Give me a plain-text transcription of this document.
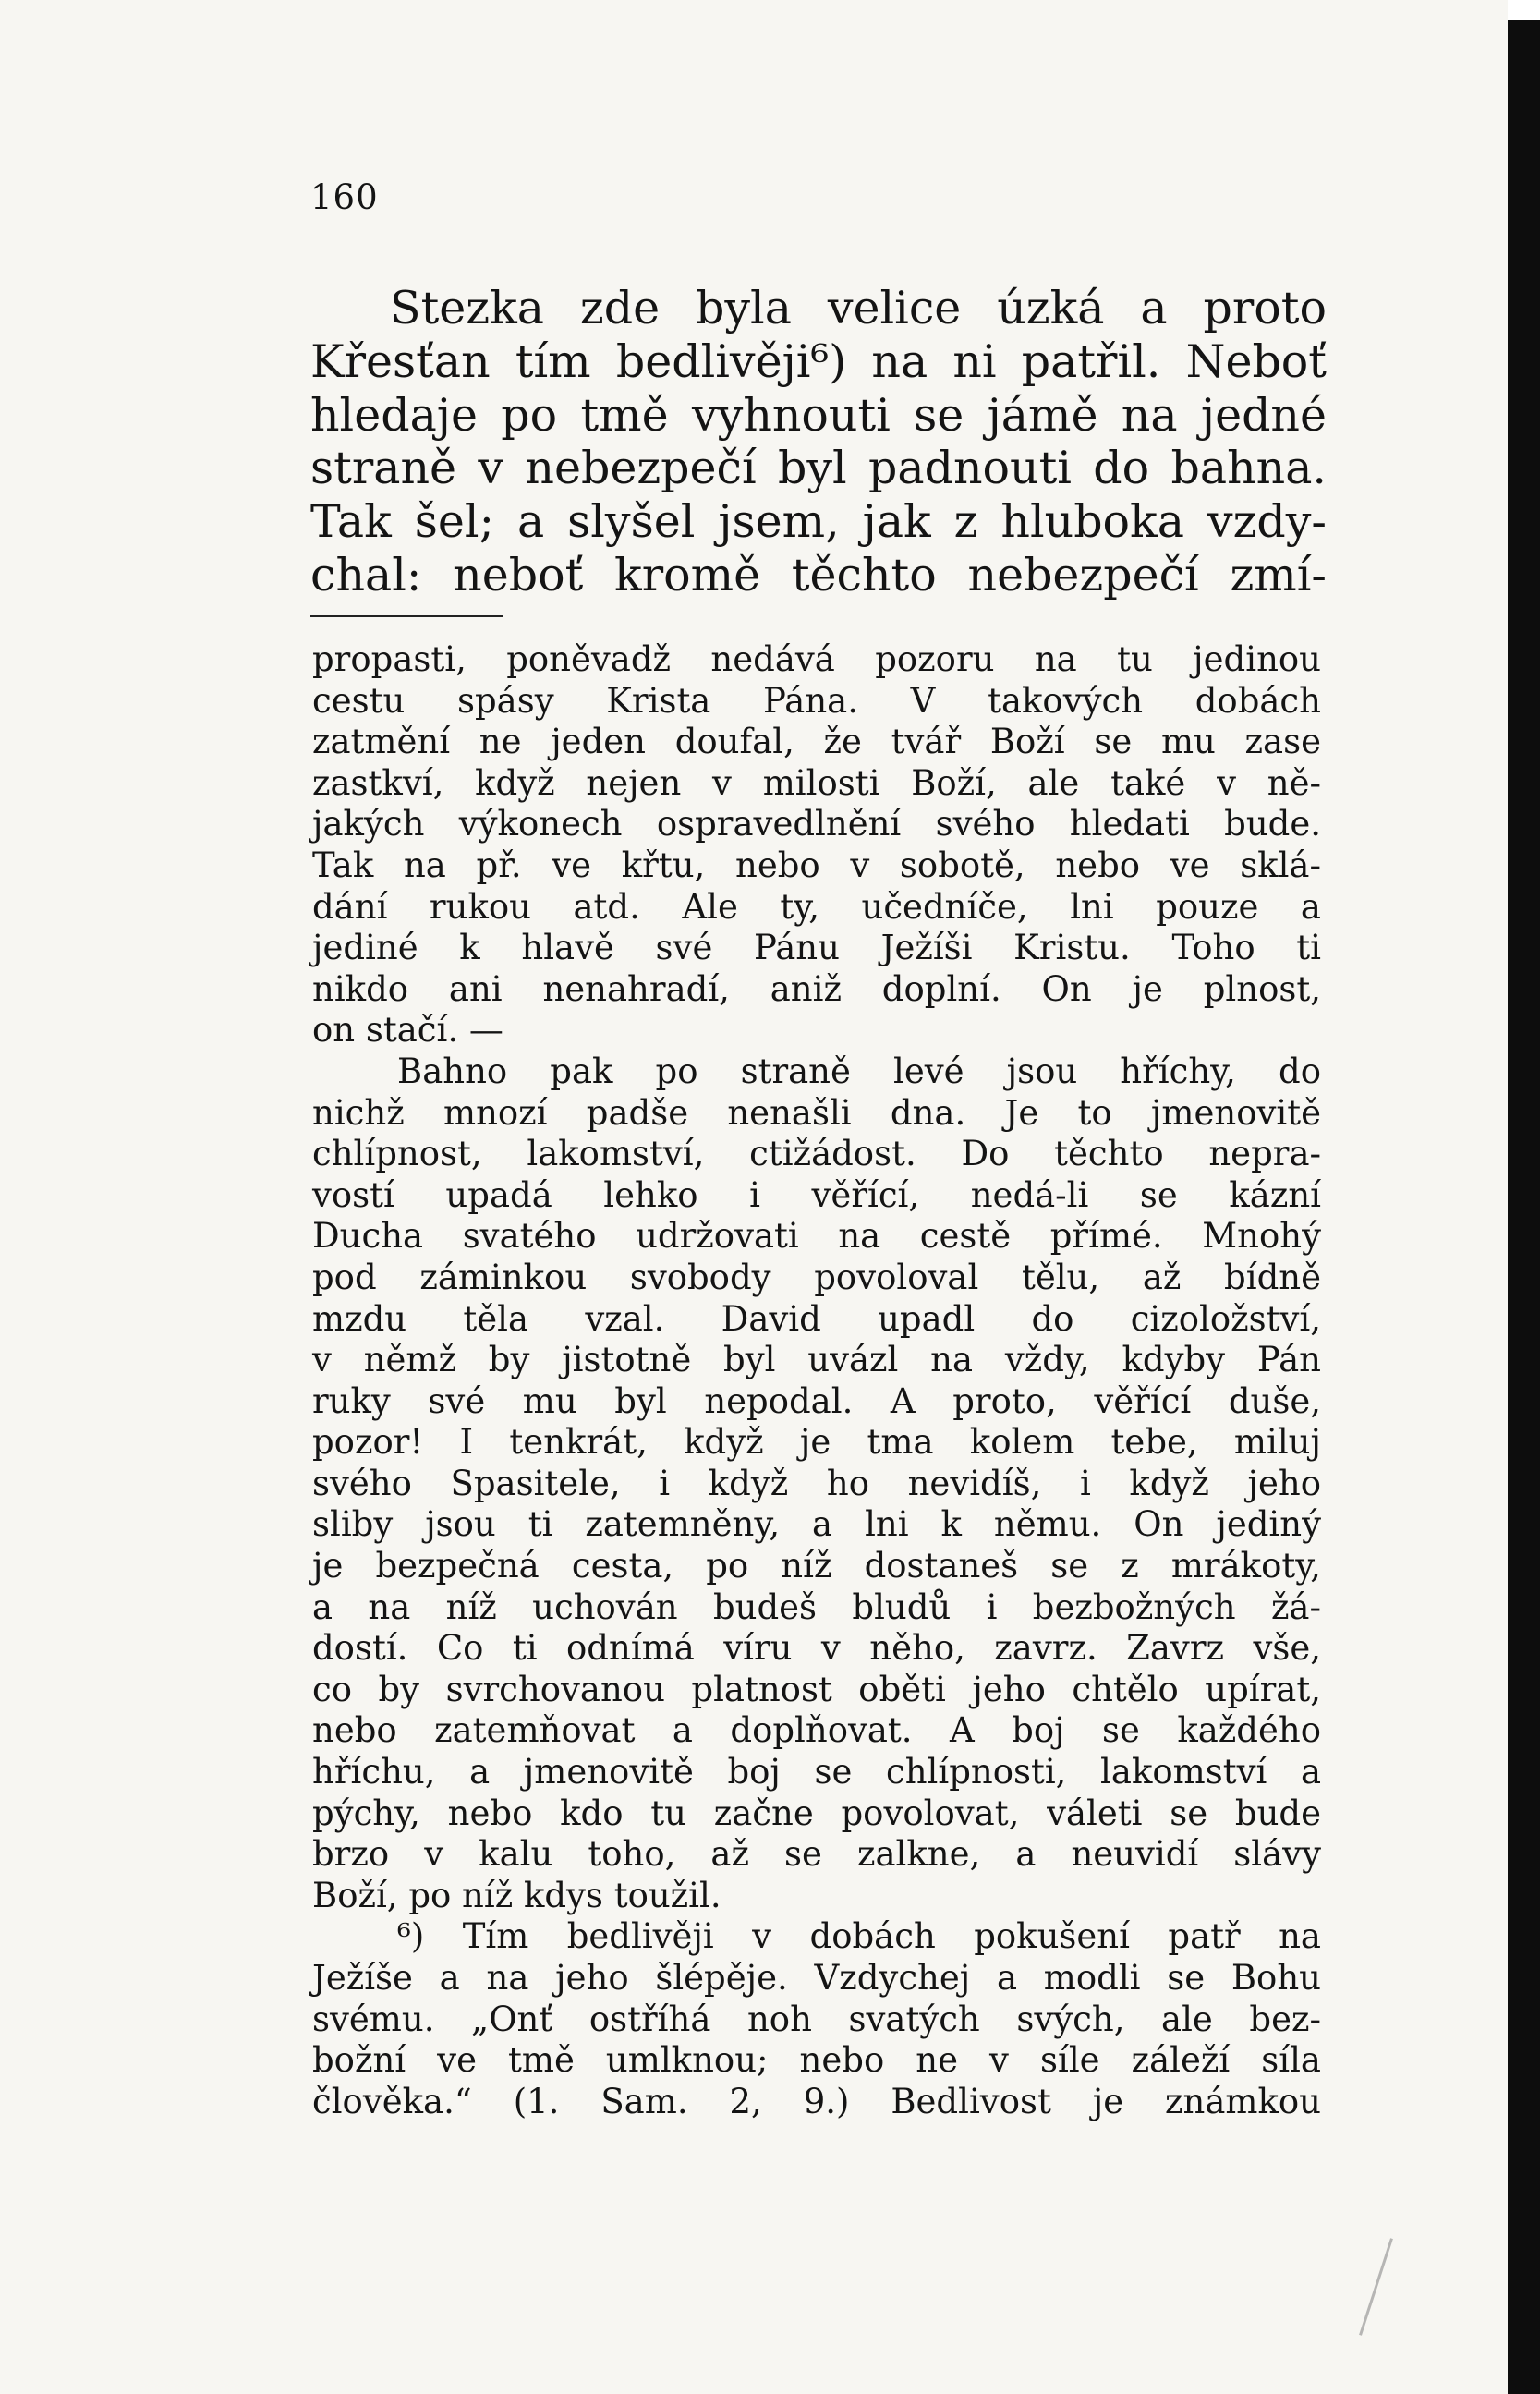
160
Stezka zde byla velice úzká a proto
Křesťan tím bedlivěji⁶) na ni patřil. Neboť
hledaje po tmě vyhnouti se jámě na jedné
straně v nebezpečí byl padnouti do bahna.
Tak šel; a slyšel jsem, jak z hluboka vzdy-
chal: neboť kromě těchto nebezpečí zmí-
propasti, poněvadž nedává pozoru na tu jedinou
cestu spásy Krista Pána. V takových dobách
zatmění ne jeden doufal, že tvář Boží se mu zase
zastkví, když nejen v milosti Boží, ale také v ně-
jakých výkonech ospravedlnění svého hledati bude.
Tak na př. ve křtu, nebo v sobotě, nebo ve sklá-
dání rukou atd. Ale ty, učedníče, lni pouze a
jediné k hlavě své Pánu Ježíši Kristu. Toho ti
nikdo ani nenahradí, aniž doplní. On je plnost,
on stačí. —
Bahno pak po straně levé jsou hříchy, do
nichž mnozí padše nenašli dna. Je to jmenovitě
chlípnost, lakomství, ctižádost. Do těchto nepra-
vostí upadá lehko i věřící, nedá-li se kázní
Ducha svatého udržovati na cestě přímé. Mnohý
pod záminkou svobody povoloval tělu, až bídně
mzdu těla vzal. David upadl do cizoložství,
v němž by jistotně byl uvázl na vždy, kdyby Pán
ruky své mu byl nepodal. A proto, věřící duše,
pozor! I tenkrát, když je tma kolem tebe, miluj
svého Spasitele, i když ho nevidíš, i když jeho
sliby jsou ti zatemněny, a lni k němu. On jediný
je bezpečná cesta, po níž dostaneš se z mrákoty,
a na níž uchován budeš bludů i bezbožných žá-
dostí. Co ti odnímá víru v něho, zavrz. Zavrz vše,
co by svrchovanou platnost oběti jeho chtělo upírat,
nebo zatemňovat a doplňovat. A boj se každého
hříchu, a jmenovitě boj se chlípnosti, lakomství a
pýchy, nebo kdo tu začne povolovat, váleti se bude
brzo v kalu toho, až se zalkne, a neuvidí slávy
Boží, po níž kdys toužil.
⁶) Tím bedlivěji v dobách pokušení patř na
Ježíše a na jeho šlépěje. Vzdychej a modli se Bohu
svému. „Onť ostříhá noh svatých svých, ale bez-
božní ve tmě umlknou; nebo ne v síle záleží síla
člověka.“ (1. Sam. 2, 9.) Bedlivost je známkou
